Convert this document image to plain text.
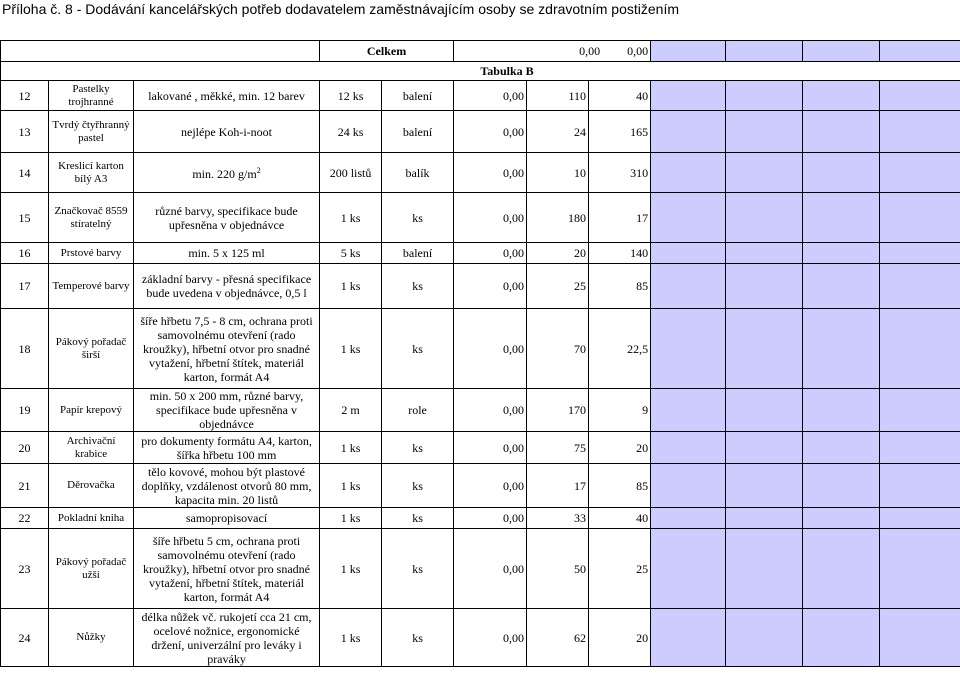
Příloha č. 8 - Dodávání kancelářských potřeb dodavatelem zaměstnávajícím osoby se zdravotním postižením
			Celkem		0,00 0,00						
Tabulka B											
12	Pastelky trojhranné	lakované , měkké, min. 12 barev	12 ks	balení	0,00	110	40				
13	Tvrdý čtyřhranný pastel	nejlépe Koh-i-noot	24 ks	balení	0,00	24	165				
14	Kreslicí karton bílý A3	min. 220 $g/m^2$	200 listů	balík	0,00	10	310				
15	Značkovač 8559 stíratelný	různé barvy, specifikace bude upřesněna v objednávce	1 ks	ks	0,00	180	17				
16	Prstové barvy	min. 5 x 125 ml	5 ks	balení	0,00	20	140				
17	Temperové barvy	základní barvy - přesná specifikace bude uvedena v objednávce, 0,5 l	1 ks	ks	0,00	25	85				
18	Pákový pořadač širší	šíře hřbetu 7,5 - 8 cm, ochrana proti samovolnému otevření (rado kroužky), hřbetní otvor pro snadné vytažení, hřbetní štítek, materiál karton, formát A4	1 ks	ks	0,00	70	22,5				
19	Papír krepový	min. 50 x 200 mm, různé barvy, specifikace bude upřesněna v objednávce	2 m	role	0,00	170	9				
20	Archivační krabice	pro dokumenty formátu A4, karton, šířka hřbetu 100 mm	1 ks	ks	0,00	75	20				
21	Děrovačka	tělo kovové, mohou být plastové doplňky, vzdálenost otvorů 80 mm, kapacita min. 20 listů	1 ks	ks	0,00	17	85				
22	Pokladní kniha	samopropisovací	1 ks	ks	0,00	33	40				
23	Pákový pořadač užší	šíře hřbetu 5 cm, ochrana proti samovolnému otevření (rado kroužky), hřbetní otvor pro snadné vytažení, hřbetní štítek, materiál karton, formát A4	1 ks	ks	0,00	50	25				
24	Nůžky	délka nůžek vč. rukojetí cca 21 cm, ocelové nožnice, ergonomické držení, univerzální pro leváky i praváky	1 ks	ks	0,00	62	20				
